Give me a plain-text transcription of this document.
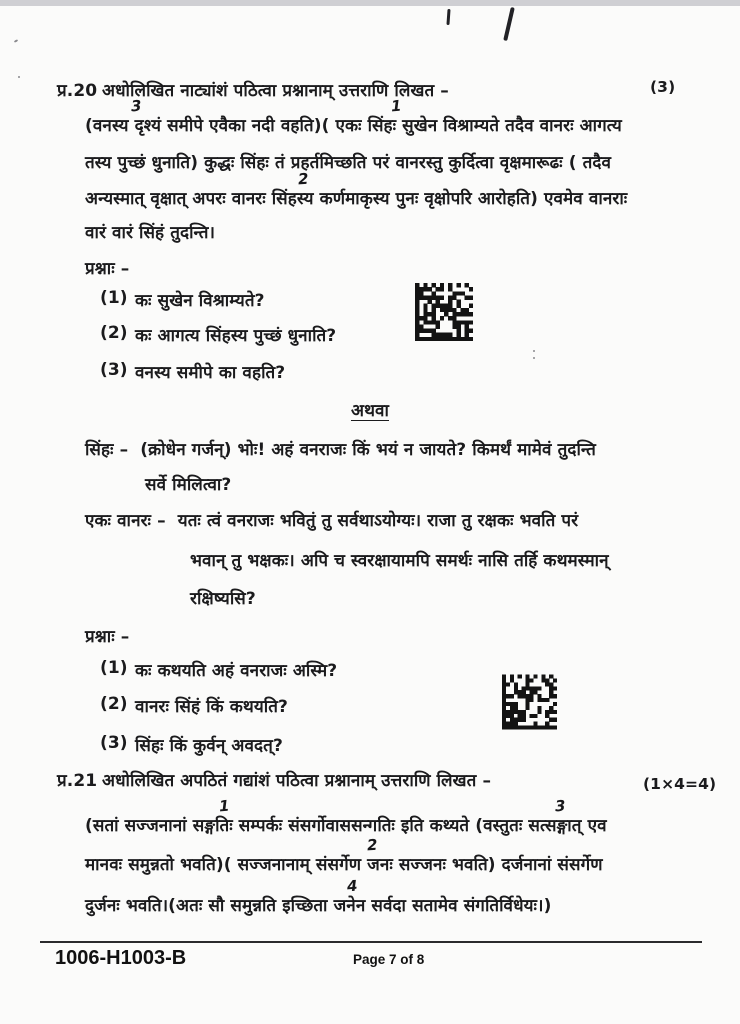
प्र.20 अधोलिखित नाट्यांशं पठित्वा प्रश्नानाम् उत्तराणि लिखत –	(3)
(वनस्य दृश्यं समीपे एवैका नदी वहति)( एकः सिंहः सुखेन विश्राम्यते तदैव वानरः आगत्य
3	1
तस्य पुच्छं धुनाति) कुद्धः सिंहः तं प्रहर्तमिच्छति परं वानरस्तु कुर्दित्वा वृक्षमारूढः ( तदैव
अन्यस्मात् वृक्षात् अपरः वानरः सिंहस्य कर्णमाकृस्य पुनः वृक्षोपरि आरोहति) एवमेव वानराः
2
वारं वारं सिंहं तुदन्ति।
प्रश्नाः –
(1) कः सुखेन विश्राम्यते?
(2) कः आगत्य सिंहस्य पुच्छं धुनाति?
(3) वनस्य समीपे का वहति?
अथवा
सिंहः – (क्रोधेन गर्जन्) भोः! अहं वनराजः किं भयं न जायते? किमर्थं मामेवं तुदन्ति
सर्वे मिलित्वा?
एकः वानरः – यतः त्वं वनराजः भवितुं तु सर्वथाऽयोग्यः। राजा तु रक्षकः भवति परं
भवान् तु भक्षकः। अपि च स्वरक्षायामपि समर्थः नासि तर्हि कथमस्मान्
रक्षिष्यसि?
प्रश्नाः –
(1) कः कथयति अहं वनराजः अस्मि?
(2) वानरः सिंहं किं कथयति?
(3) सिंहः किं कुर्वन् अवदत्?
प्र.21 अधोलिखित अपठितं गद्यांशं पठित्वा प्रश्नानाम् उत्तराणि लिखत –	(1×4=4)
(सतां सज्जनानां सङ्गतिः सम्पर्कः संसर्गोवाससन्गतिः इति कथ्यते (वस्तुतः सत्सङ्गात् एव
1	3
मानवः समुन्नतो भवति)( सज्जनानाम् संसर्गेण जनः सज्जनः भवति) दर्जनानां संसर्गेण
2
दुर्जनः भवति।(अतः सौ समुन्नति इच्छिता जनेन सर्वदा सतामेव संगतिर्विधेयः।)
4
1006-H1003-B	Page 7 of 8
